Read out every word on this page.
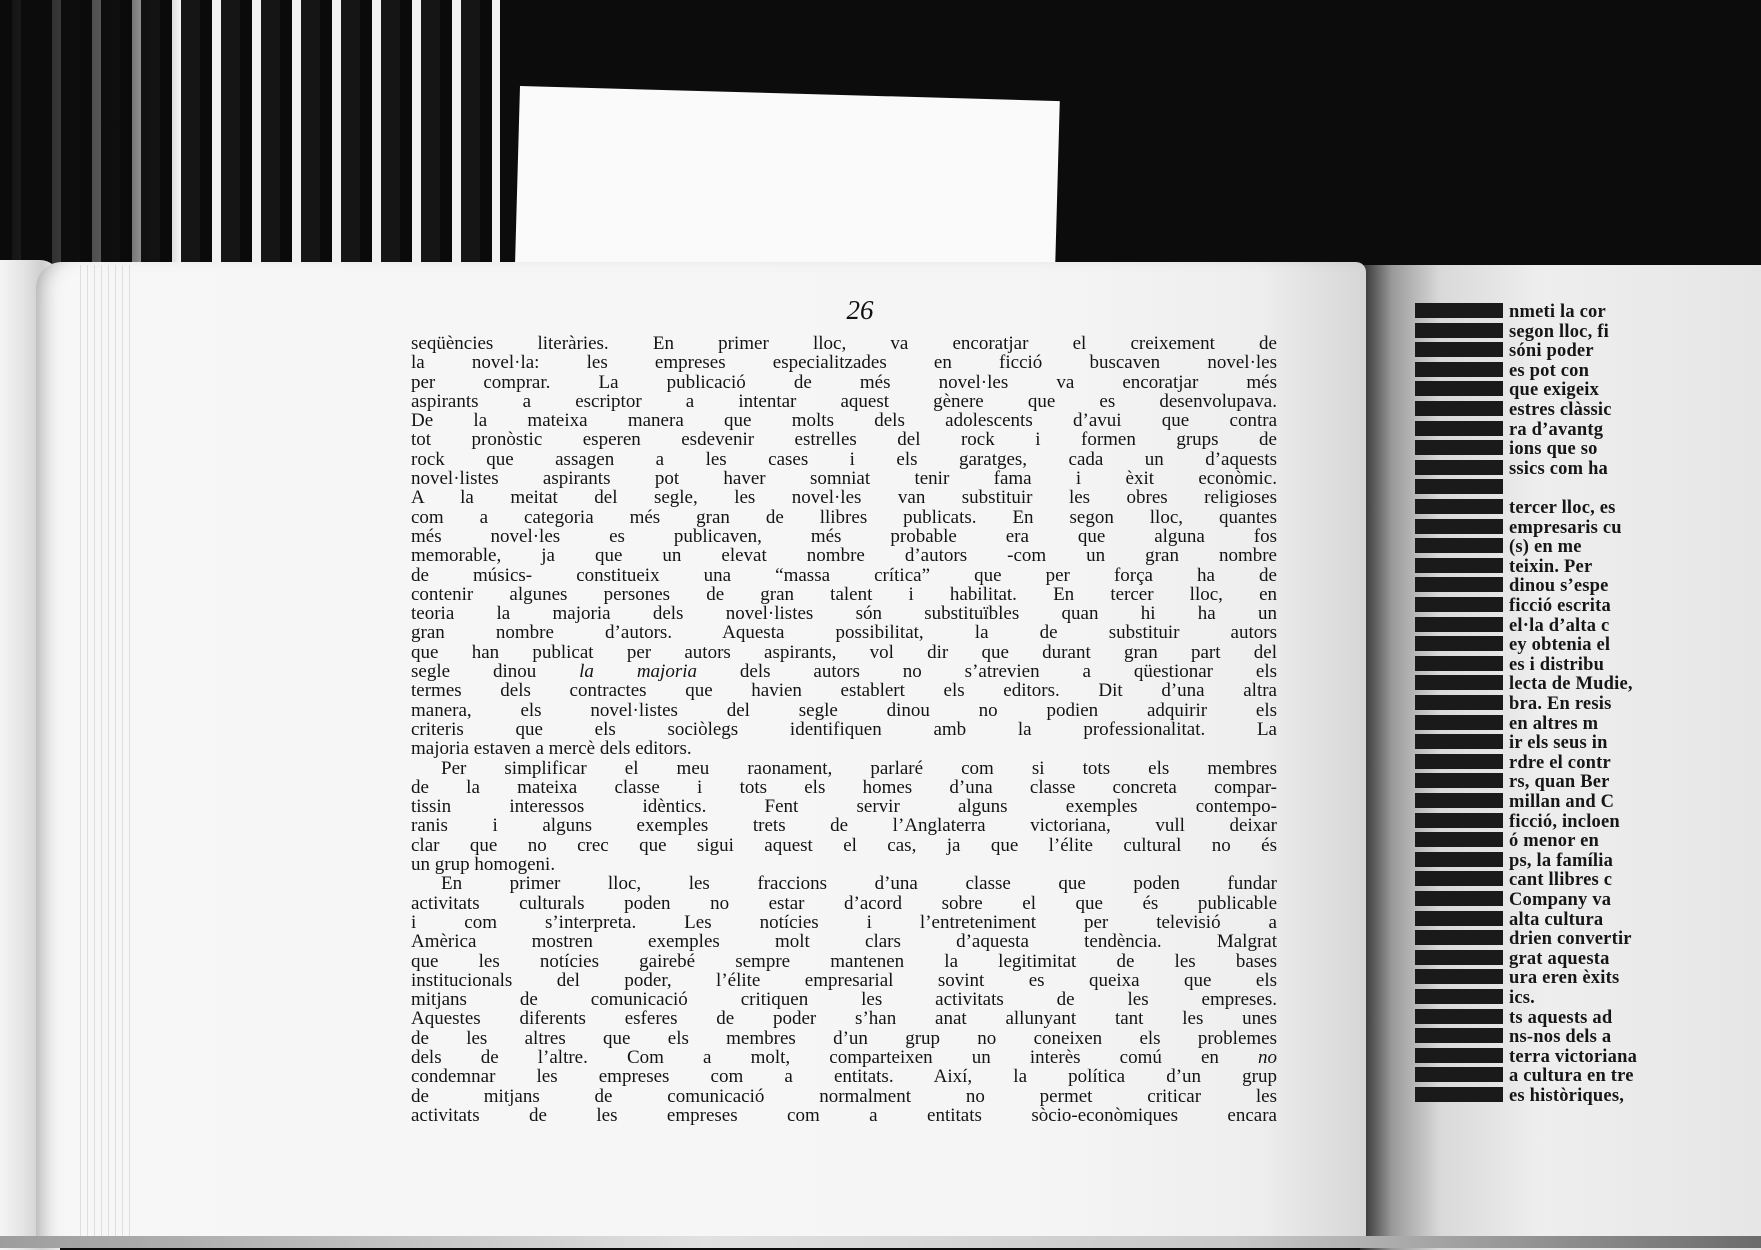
nmeti la cor
segon lloc, fi
sóni poder
es pot con
que exigeix
estres clàssic
ra d’avantg
ions que so
ssics com ha
tercer lloc, es
empresaris cu
(s) en me
teixin. Per
dinou s’espe
ficció escrita
el·la d’alta c
ey obtenia el
es i distribu
lecta de Mudie,
bra. En resis
en altres m
ir els seus in
rdre el contr
rs, quan Ber
millan and C
ficció, incloen
ó menor en
ps, la família
cant llibres c
Company va
alta cultura
drien convertir
grat aquesta
ura eren èxits
ics.
ts aquests ad
ns-nos dels a
terra victoriana
a cultura en tre
es històriques,
26
seqüències literàries. En primer lloc, va encoratjar el creixement de
la novel·la: les empreses especialitzades en ficció buscaven novel·les
per comprar. La publicació de més novel·les va encoratjar més
aspirants a escriptor a intentar aquest gènere que es desenvolupava.
De la mateixa manera que molts dels adolescents d’avui que contra
tot pronòstic esperen esdevenir estrelles del rock i formen grups de
rock que assagen a les cases i els garatges, cada un d’aquests
novel·listes aspirants pot haver somniat tenir fama i èxit econòmic.
A la meitat del segle, les novel·les van substituir les obres religioses
com a categoria més gran de llibres publicats. En segon lloc, quantes
més novel·les es publicaven, més probable era que alguna fos
memorable, ja que un elevat nombre d’autors -com un gran nombre
de músics- constitueix una “massa crítica” que per força ha de
contenir algunes persones de gran talent i habilitat. En tercer lloc, en
teoria la majoria dels novel·listes són substituïbles quan hi ha un
gran nombre d’autors. Aquesta possibilitat, la de substituir autors
que han publicat per autors aspirants, vol dir que durant gran part del
segle dinou la majoria dels autors no s’atrevien a qüestionar els
termes dels contractes que havien establert els editors. Dit d’una altra
manera, els novel·listes del segle dinou no podien adquirir els
criteris que els sociòlegs identifiquen amb la professionalitat. La
majoria estaven a mercè dels editors.
Per simplificar el meu raonament, parlaré com si tots els membres
de la mateixa classe i tots els homes d’una classe concreta compar-
tissin interessos idèntics. Fent servir alguns exemples contempo-
ranis i alguns exemples trets de l’Anglaterra victoriana, vull deixar
clar que no crec que sigui aquest el cas, ja que l’élite cultural no és
un grup homogeni.
En primer lloc, les fraccions d’una classe que poden fundar
activitats culturals poden no estar d’acord sobre el que és publicable
i com s’interpreta. Les notícies i l’entreteniment per televisió a
Amèrica mostren exemples molt clars d’aquesta tendència. Malgrat
que les notícies gairebé sempre mantenen la legitimitat de les bases
institucionals del poder, l’élite empresarial sovint es queixa que els
mitjans de comunicació critiquen les activitats de les empreses.
Aquestes diferents esferes de poder s’han anat allunyant tant les unes
de les altres que els membres d’un grup no coneixen els problemes
dels de l’altre. Com a molt, comparteixen un interès comú en no
condemnar les empreses com a entitats. Així, la política d’un grup
de mitjans de comunicació normalment no permet criticar les
activitats de les empreses com a entitats sòcio-econòmiques encara
